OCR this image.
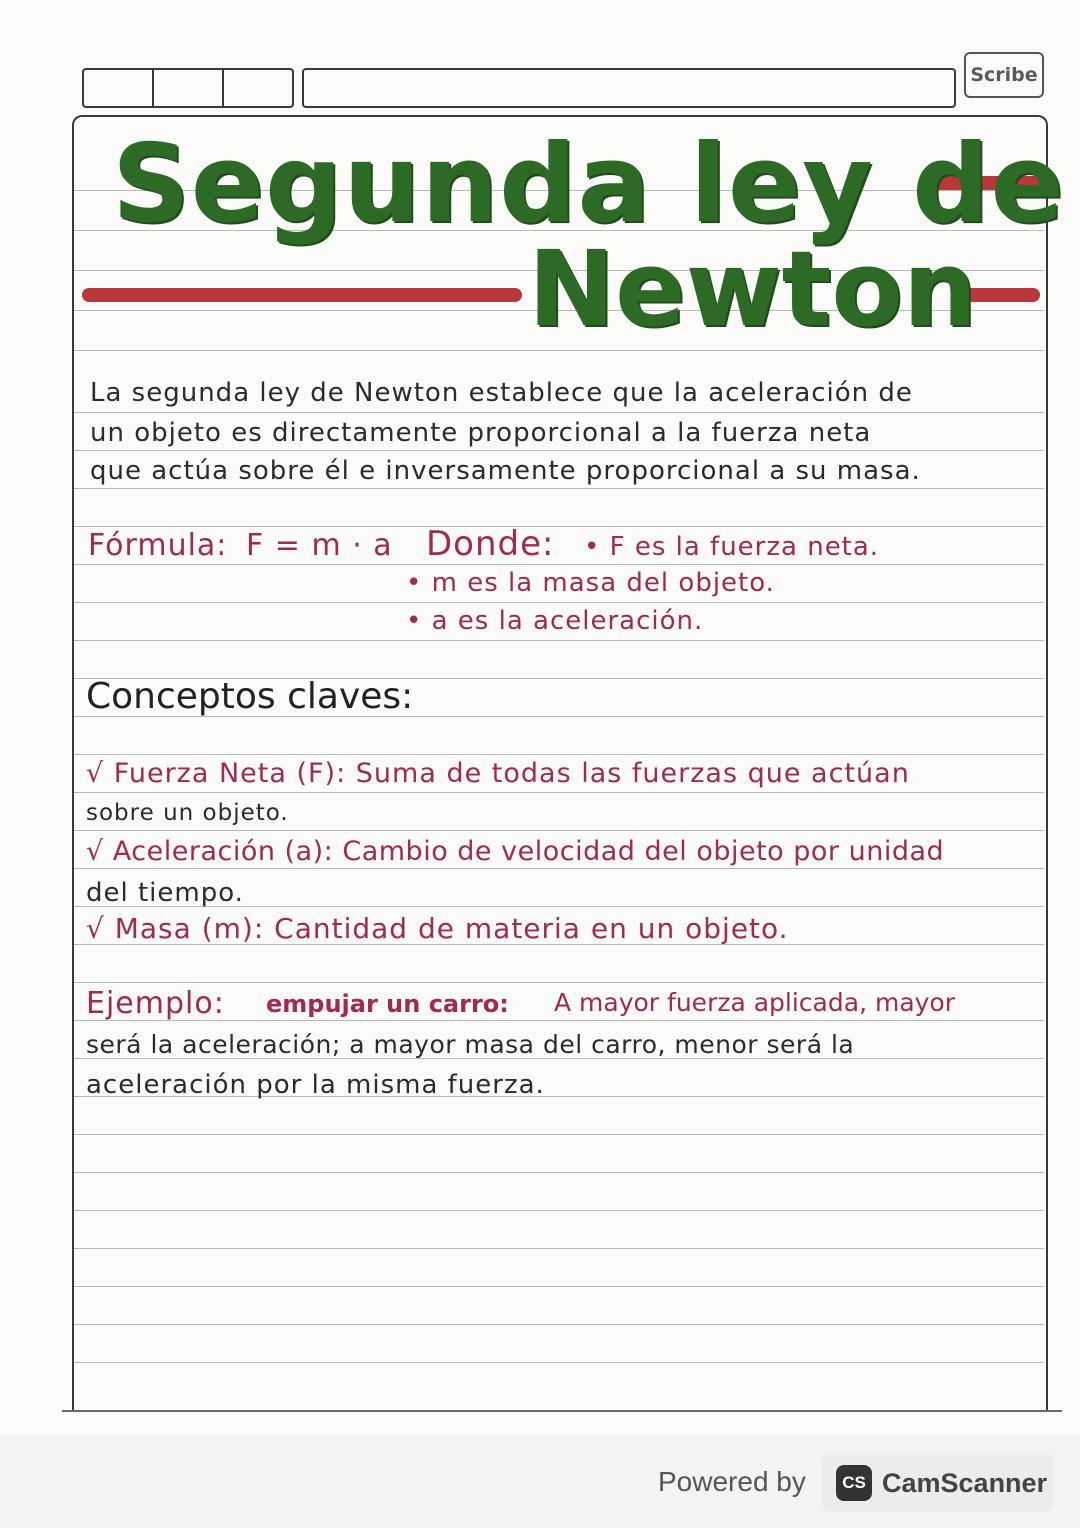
Scribe
Segunda ley de
Newton
La segunda ley de Newton establece que la aceleración de
un objeto es directamente proporcional a la fuerza neta
que actúa sobre él e inversamente proporcional a su masa.
Fórmula: F = m · a Donde: • F es la fuerza neta.
• m es la masa del objeto.
• a es la aceleración.
Conceptos claves:
√ Fuerza Neta (F): Suma de todas las fuerzas que actúan
sobre un objeto.
√ Aceleración (a): Cambio de velocidad del objeto por unidad
del tiempo.
√ Masa (m): Cantidad de materia en un objeto.
Ejemplo: empujar un carro: A mayor fuerza aplicada, mayor
será la aceleración; a mayor masa del carro, menor será la
aceleración por la misma fuerza.
Powered by	CS CamScanner
